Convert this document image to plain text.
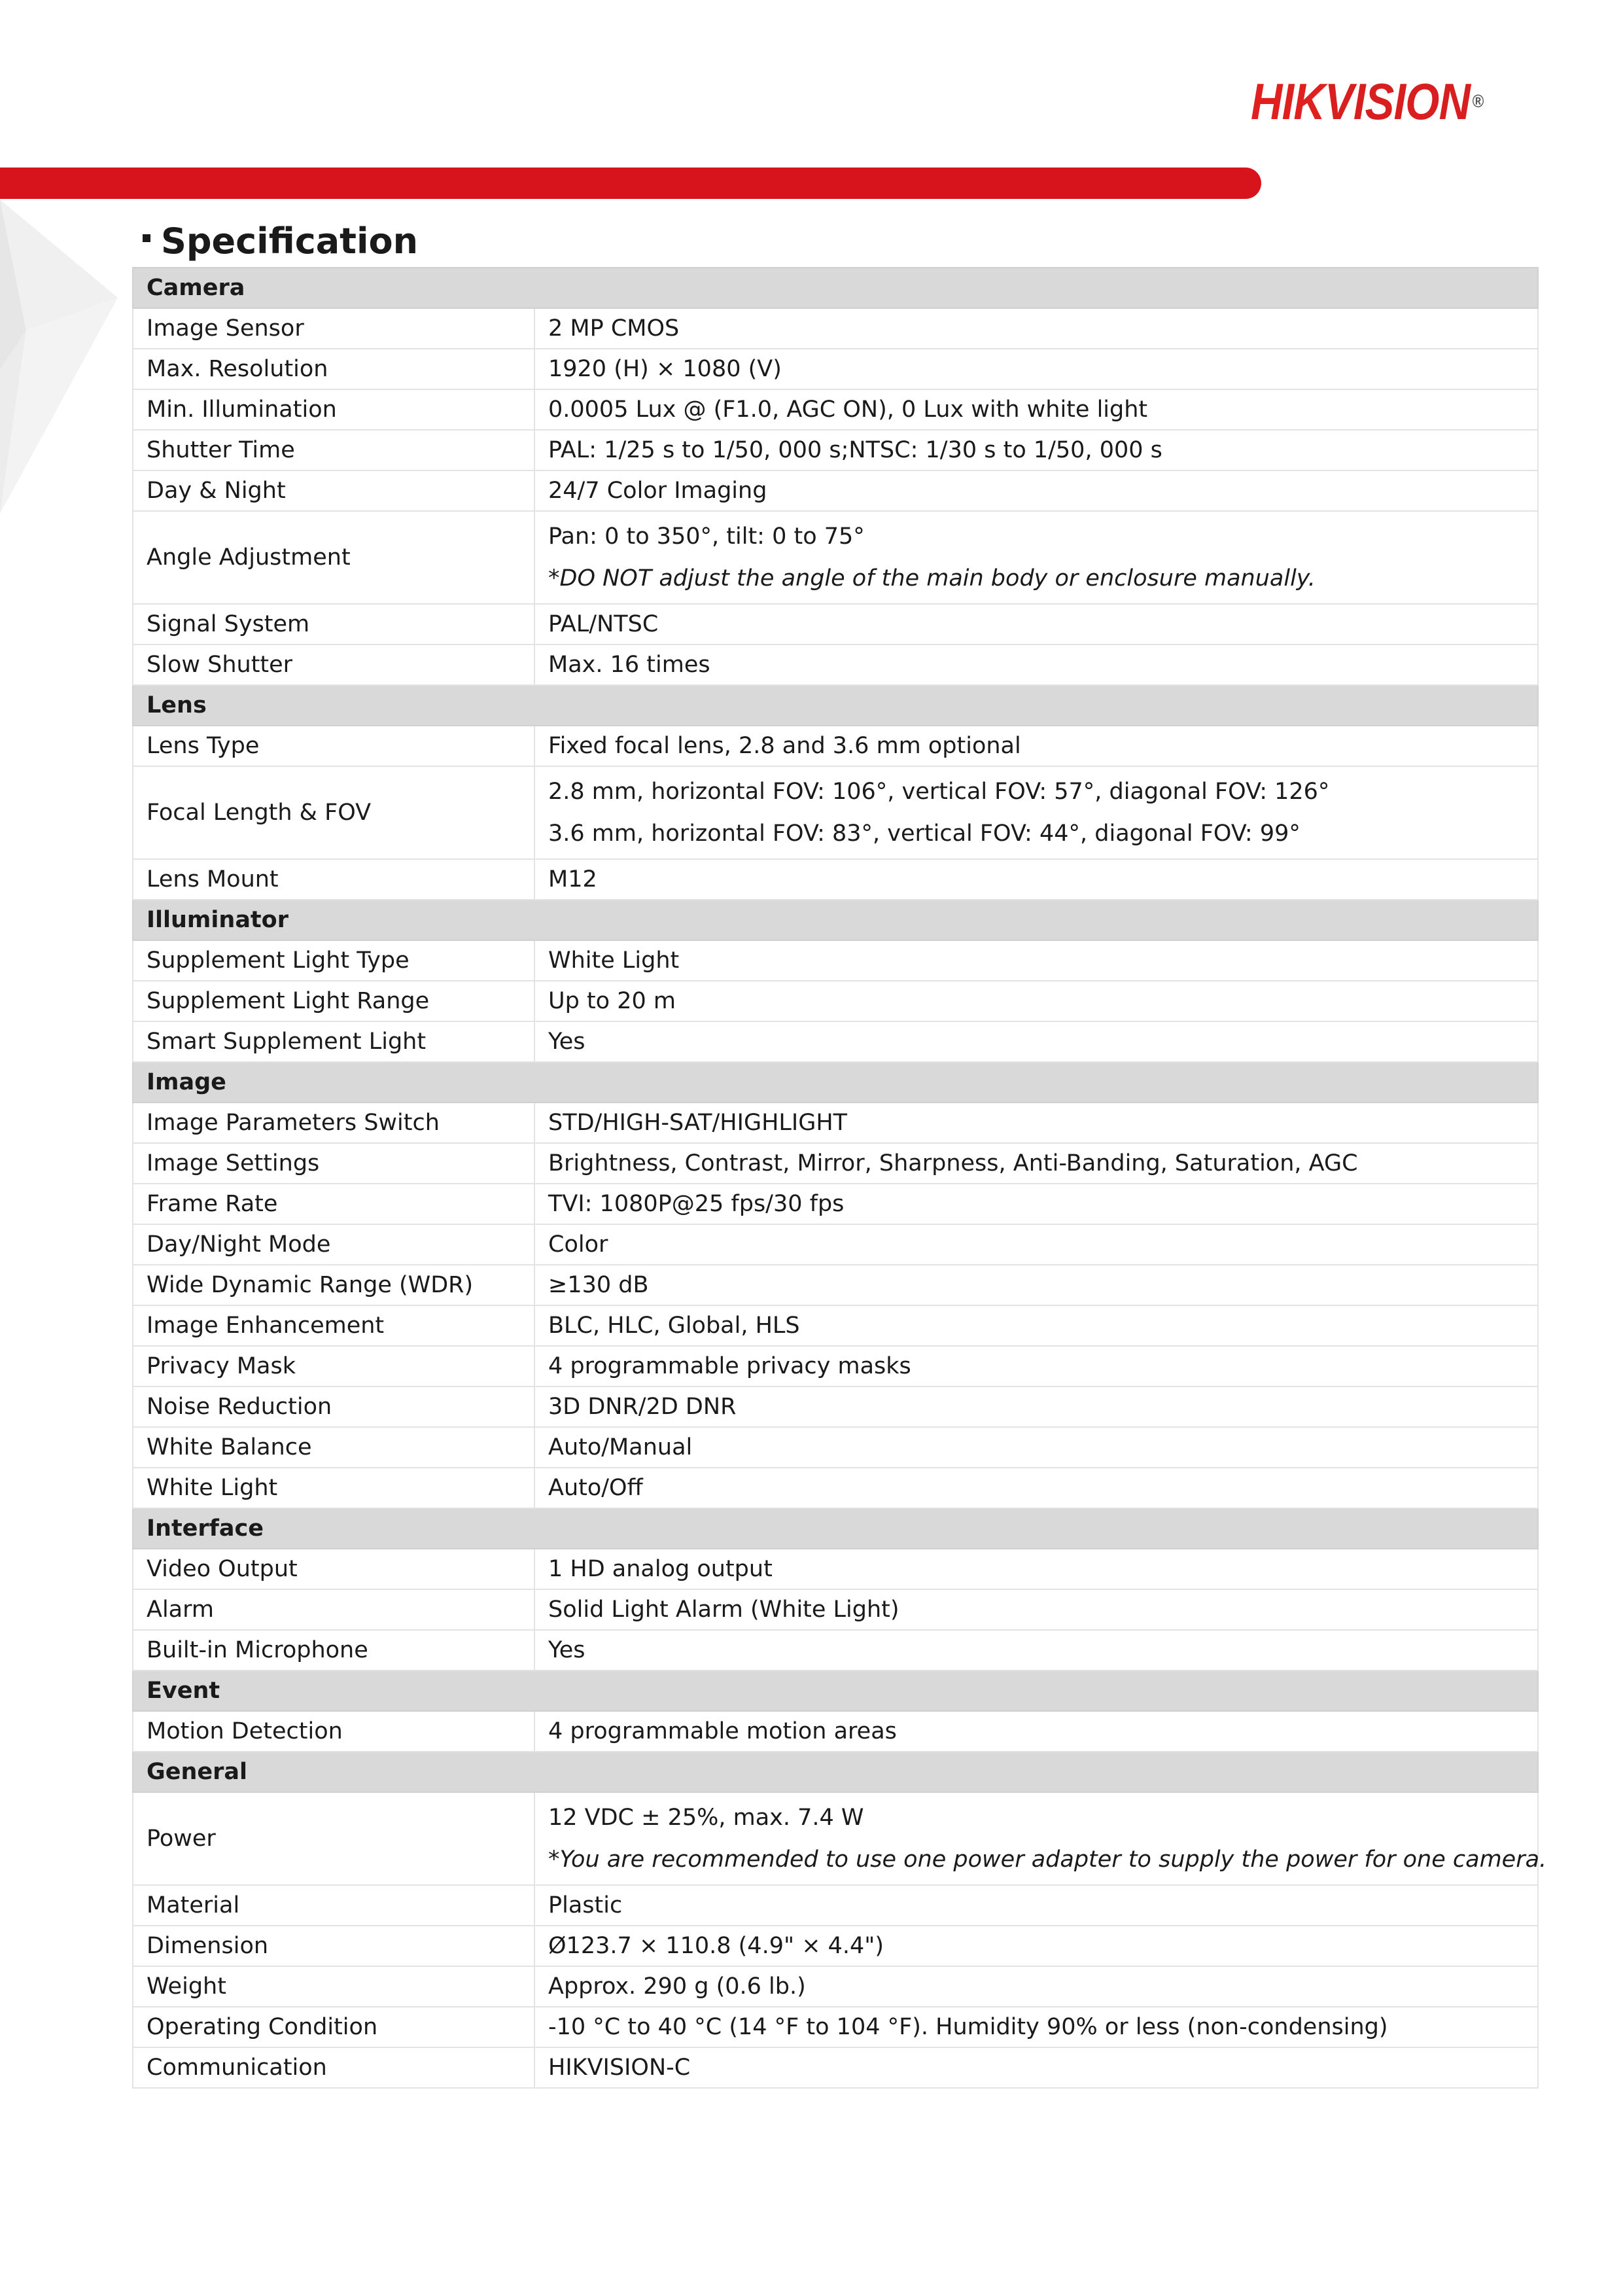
HIKVISION ®
Specification
Camera	
Image Sensor	2 MP CMOS
Max. Resolution	1920 (H) × 1080 (V)
Min. Illumination	0.0005 Lux @ (F1.0, AGC ON), 0 Lux with white light
Shutter Time	PAL: 1/25 s to 1/50, 000 s;NTSC: 1/30 s to 1/50, 000 s
Day & Night	24/7 Color Imaging
Angle Adjustment	Pan: 0 to 350°, tilt: 0 to 75°
*DO NOT adjust the angle of the main body or enclosure manually.

Signal System	PAL/NTSC
Slow Shutter	Max. 16 times
Lens	
Lens Type	Fixed focal lens, 2.8 and 3.6 mm optional
Focal Length & FOV	2.8 mm, horizontal FOV: 106°, vertical FOV: 57°, diagonal FOV: 126°
3.6 mm, horizontal FOV: 83°, vertical FOV: 44°, diagonal FOV: 99°

Lens Mount	M12
Illuminator	
Supplement Light Type	White Light
Supplement Light Range	Up to 20 m
Smart Supplement Light	Yes
Image	
Image Parameters Switch	STD/HIGH-SAT/HIGHLIGHT
Image Settings	Brightness, Contrast, Mirror, Sharpness, Anti-Banding, Saturation, AGC
Frame Rate	TVI: 1080P@25 fps/30 fps
Day/Night Mode	Color
Wide Dynamic Range (WDR)	≥130 dB
Image Enhancement	BLC, HLC, Global, HLS
Privacy Mask	4 programmable privacy masks
Noise Reduction	3D DNR/2D DNR
White Balance	Auto/Manual
White Light	Auto/Off
Interface	
Video Output	1 HD analog output
Alarm	Solid Light Alarm (White Light)
Built-in Microphone	Yes
Event	
Motion Detection	4 programmable motion areas
General	
Power	12 VDC ± 25%, max. 7.4 W
*You are recommended to use one power adapter to supply the power for one camera.

Material	Plastic
Dimension	Ø123.7 × 110.8 (4.9" × 4.4")
Weight	Approx. 290 g (0.6 lb.)
Operating Condition	-10 °C to 40 °C (14 °F to 104 °F). Humidity 90% or less (non-condensing)
Communication	HIKVISION-C
